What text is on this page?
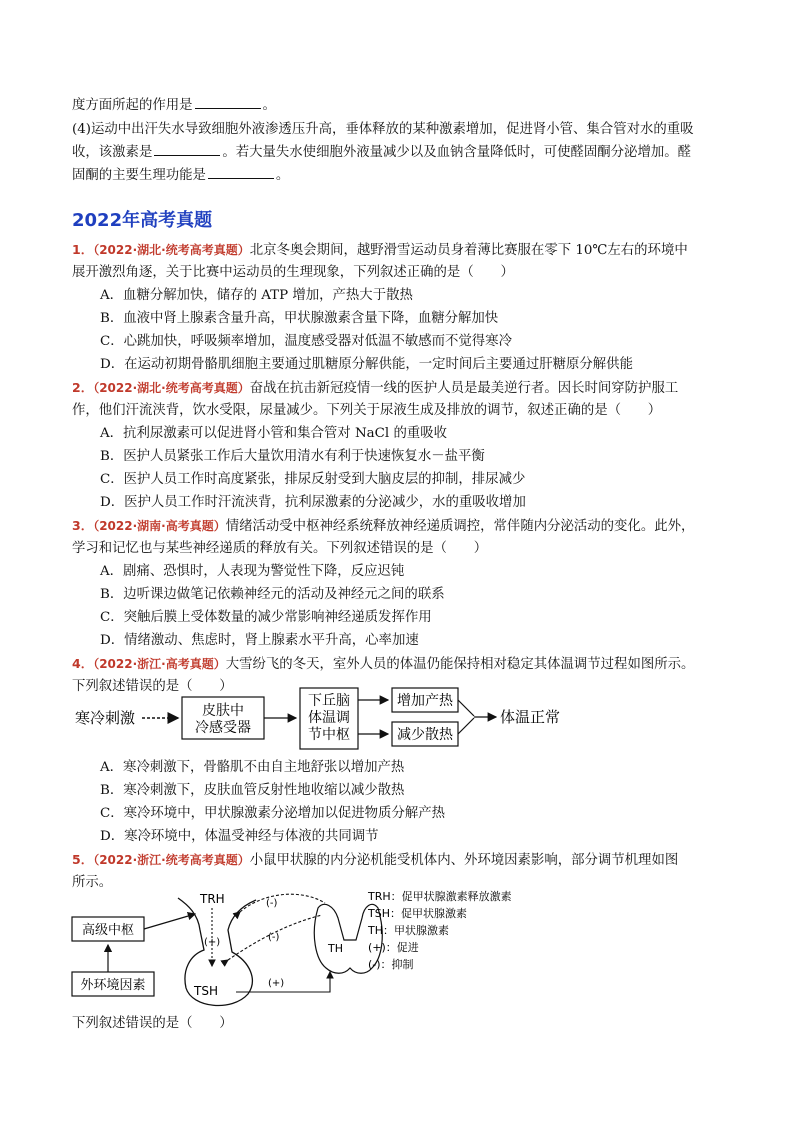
度方面所起的作用是	。
(4)运动中出汗失水导致细胞外液渗透压升高，垂体释放的某种激素增加，促进肾小管、集合管对水的重吸
收，该激素是	。若大量失水使细胞外液量减少以及血钠含量降低时，可使醛固酮分泌增加。醛
固酮的主要生理功能是	。
2022年高考真题
1．（2022·湖北·统考高考真题）北京冬奥会期间，越野滑雪运动员身着薄比赛服在零下 10℃左右的环境中
展开激烈角逐，关于比赛中运动员的生理现象，下列叙述正确的是（　　）
A．血糖分解加快，储存的 ATP 增加，产热大于散热
B．血液中肾上腺素含量升高，甲状腺激素含量下降，血糖分解加快
C．心跳加快，呼吸频率增加，温度感受器对低温不敏感而不觉得寒冷
D．在运动初期骨骼肌细胞主要通过肌糖原分解供能，一定时间后主要通过肝糖原分解供能
2．（2022·湖北·统考高考真题）奋战在抗击新冠疫情一线的医护人员是最美逆行者。因长时间穿防护服工
作，他们汗流浃背，饮水受限，尿量减少。下列关于尿液生成及排放的调节，叙述正确的是（　　）
A．抗利尿激素可以促进肾小管和集合管对 NaCl 的重吸收
B．医护人员紧张工作后大量饮用清水有利于快速恢复水－盐平衡
C．医护人员工作时高度紧张，排尿反射受到大脑皮层的抑制，排尿减少
D．医护人员工作时汗流浃背，抗利尿激素的分泌减少，水的重吸收增加
3．（2022·湖南·高考真题）情绪活动受中枢神经系统释放神经递质调控，常伴随内分泌活动的变化。此外，
学习和记忆也与某些神经递质的释放有关。下列叙述错误的是（　　）
A．剧痛、恐惧时，人表现为警觉性下降，反应迟钝
B．边听课边做笔记依赖神经元的活动及神经元之间的联系
C．突触后膜上受体数量的减少常影响神经递质发挥作用
D．情绪激动、焦虑时，肾上腺素水平升高，心率加速
4．（2022·浙江·高考真题）大雪纷飞的冬天，室外人员的体温仍能保持相对稳定其体温调节过程如图所示。
下列叙述错误的是（　　）
寒冷刺激	皮肤中
冷感受器
下丘脑
体温调
节中枢
增加产热
减少散热
体温正常
A．寒冷刺激下，骨骼肌不由自主地舒张以增加产热
B．寒冷刺激下，皮肤血管反射性地收缩以减少散热
C．寒冷环境中，甲状腺激素分泌增加以促进物质分解产热
D．寒冷环境中，体温受神经与体液的共同调节
5．（2022·浙江·统考高考真题）小鼠甲状腺的内分泌机能受机体内、外环境因素影响，部分调节机理如图
所示。
高级中枢
外环境因素
TRH
(+)
TSH
(-)
(-)
(+)
TH
TRH：促甲状腺激素释放激素
TSH：促甲状腺激素
TH：甲状腺激素
(+)：促进
(-)：抑制
下列叙述错误的是（　　）
